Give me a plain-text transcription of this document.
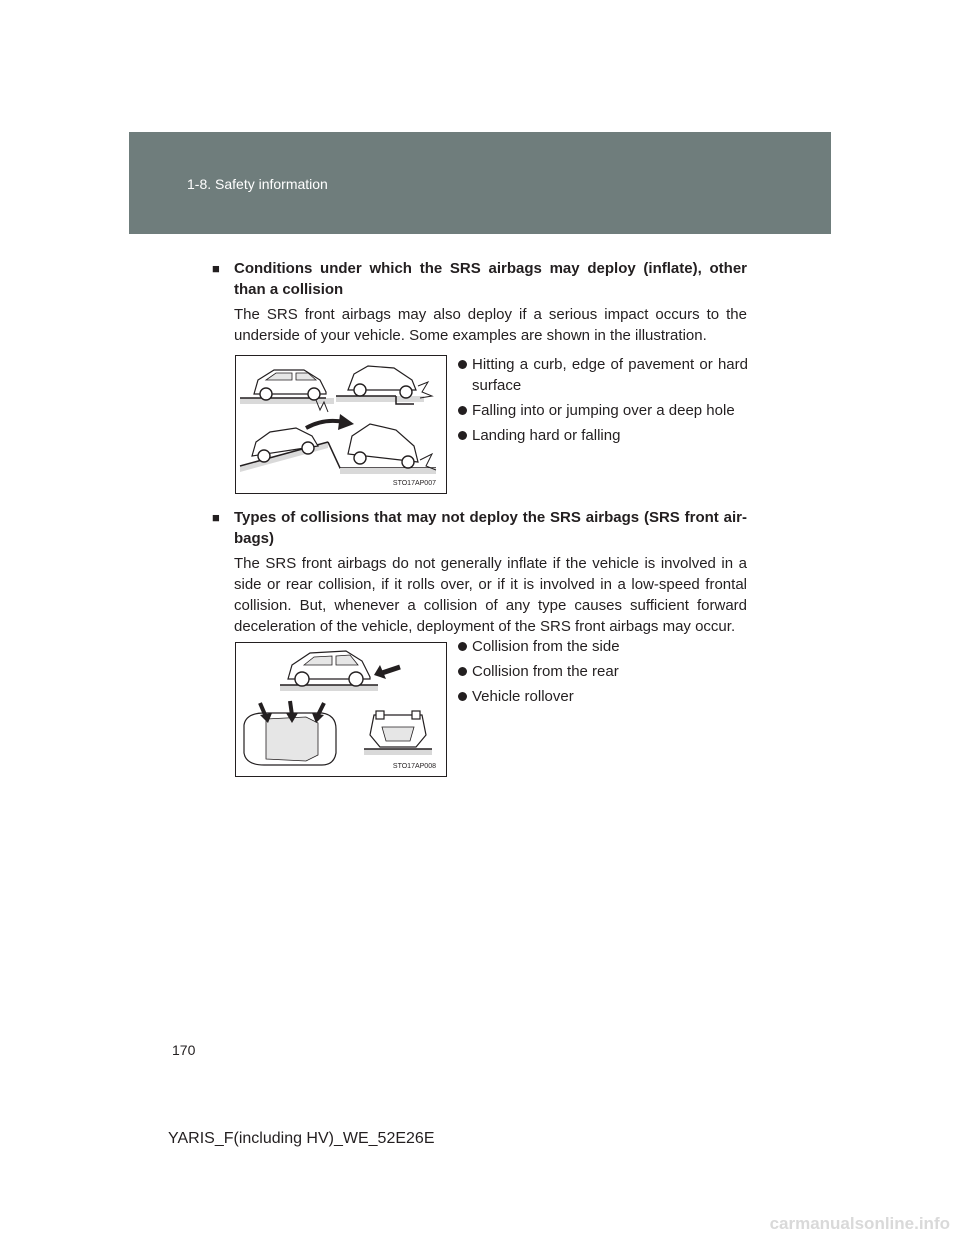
1-8. Safety information
■ Conditions under which the SRS airbags may deploy (inflate), other than a collision
The SRS front airbags may also deploy if a serious impact occurs to the underside of your vehicle. Some examples are shown in the illustration.
STO17AP007
Hitting a curb, edge of pavement or hard surface
Falling into or jumping over a deep hole
Landing hard or falling
■ Types of collisions that may not deploy the SRS airbags (SRS front air-bags)
The SRS front airbags do not generally inflate if the vehicle is involved in a side or rear collision, if it rolls over, or if it is involved in a low-speed frontal collision. But, whenever a collision of any type causes sufficient forward deceleration of the vehicle, deployment of the SRS front airbags may occur.
STO17AP008
Collision from the side
Collision from the rear
Vehicle rollover
170
YARIS_F(including HV)_WE_52E26E
carmanualsonline.info
